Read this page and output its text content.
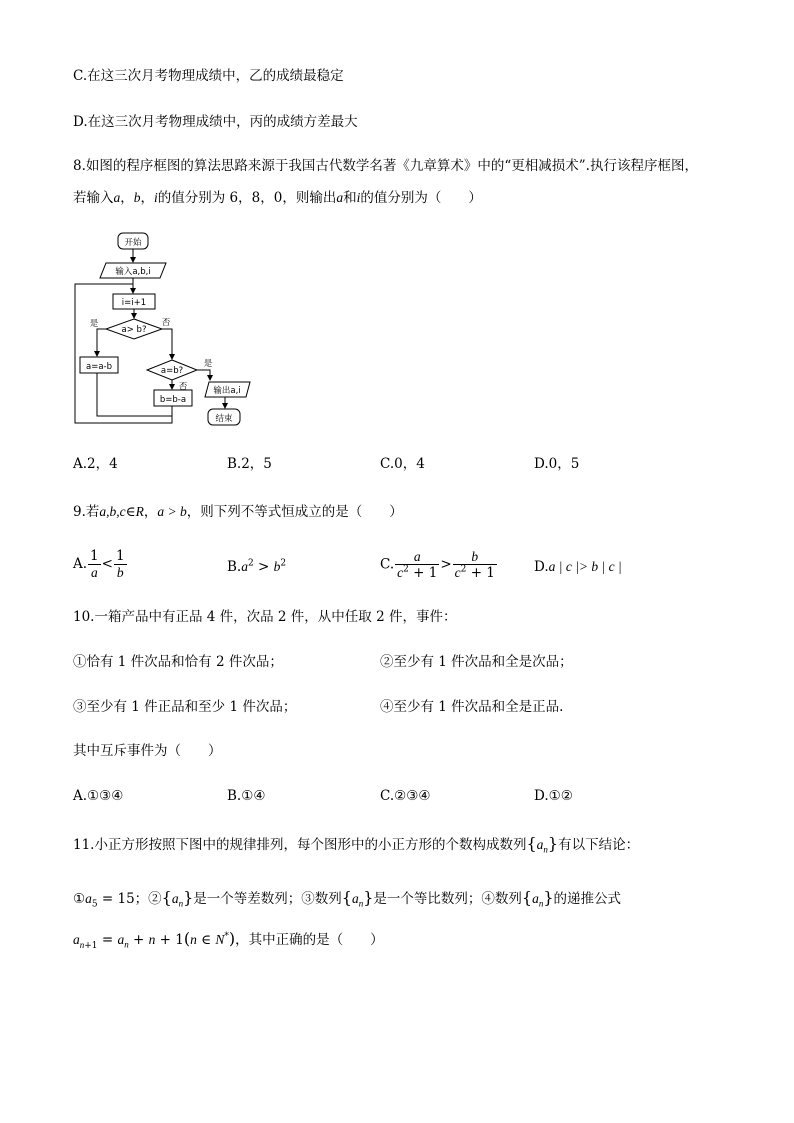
C.在这三次月考物理成绩中，乙的成绩最稳定
D.在这三次月考物理成绩中，丙的成绩方差最大
8.如图的程序框图的算法思路来源于我国古代数学名著《九章算术》中的“更相减损术”.执行该程序框图，
若输入a，b，i的值分别为 6，8，0，则输出a和i的值分别为（　　）
开始
输入a,b,i
i=i+1
a> b?
是	否
a=a-b	a=b?
是
否
b=b-a
输出a,i
结束
A.2，4	B.2，5	C.0，4	D.0，5
9.若a,b,c∈R，a > b，则下列不等式恒成立的是（　　）
A. $\frac{1}{a} < \frac{1}{b}$	$B.a^2 > b^2$	C. $\frac{a}{c^2 + 1} > \frac{b}{c^2 + 1}$	D.a | c |> b | c |
10.一箱产品中有正品 4 件，次品 2 件，从中任取 2 件，事件：
①恰有 1 件次品和恰有 2 件次品；	②至少有 1 件次品和全是次品；
③至少有 1 件正品和至少 1 件次品；	④至少有 1 件次品和全是正品.
其中互斥事件为（　　）
A.①③④	B.①④	C.②③④	D.①②
11.小正方形按照下图中的规律排列，每个图形中的小正方形的个数构成数列$\{a_n\}$有以下结论：
$①a_5 = 15$；$②\{a_n\}$是一个等差数列；③数列$\{a_n\}$是一个等比数列；④数列$\{a_n\}$的递推公式
$a_{n+1} = a_n + n + 1(n$ ∈ N*)，其中正确的是（　　）
